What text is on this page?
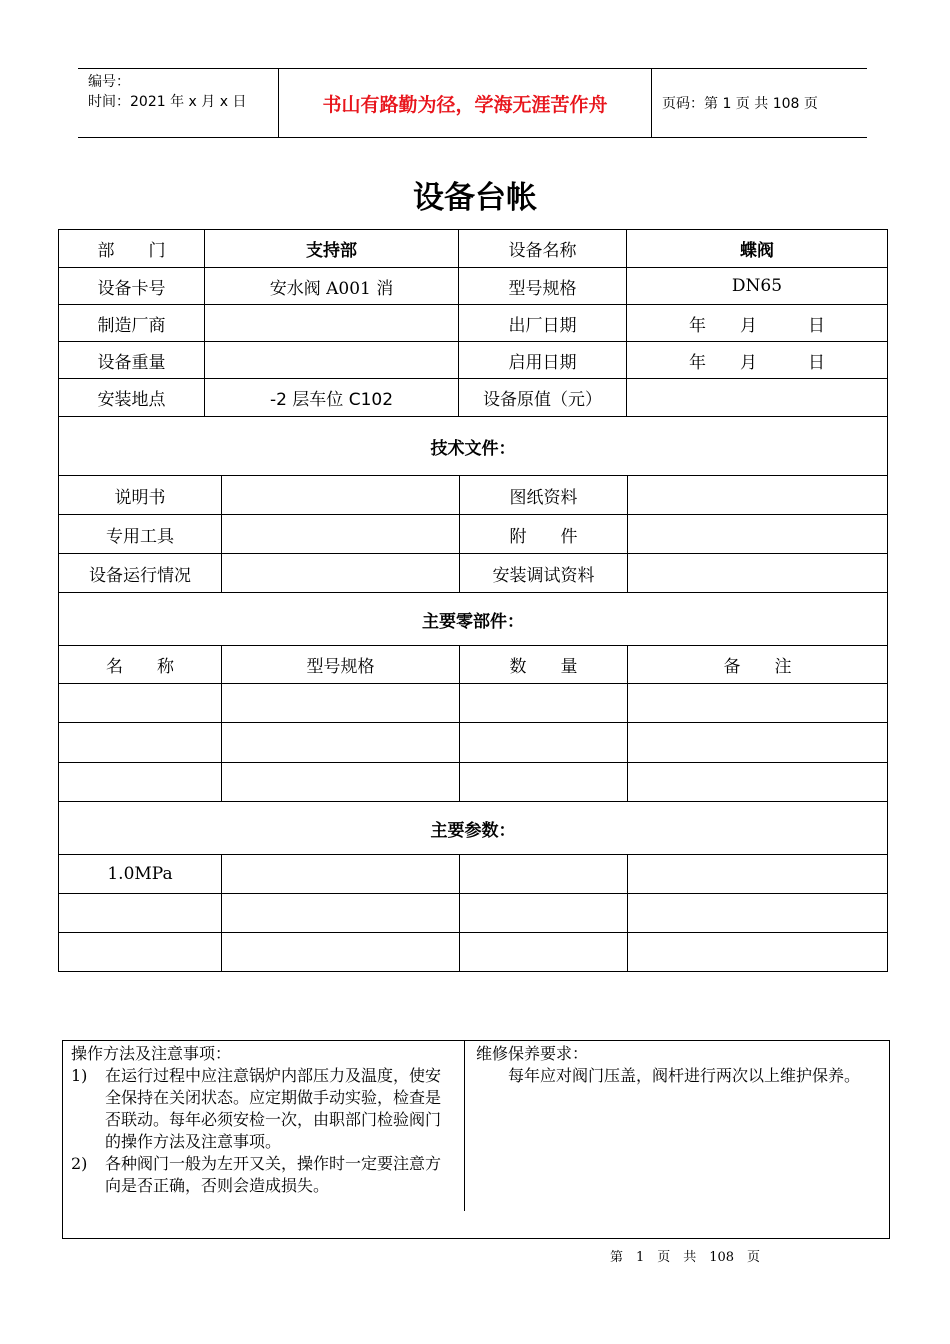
编号：
时间：2021 年 x 月 x 日	书山有路勤为径，学海无涯苦作舟	页码：第 1 页 共 108 页
设备台帐
部　　门	支持部	设备名称	蝶阀
设备卡号	安水阀 A001 消	型号规格	DN65
制造厂商		出厂日期	年　　月　　　日
设备重量		启用日期	年　　月　　　日
安装地点	-2 层车位 C102	设备原值（元）	
技术文件：			
说明书		图纸资料	
专用工具		附　　件	
设备运行情况		安装调试资料	
主要零部件：			
名　　称	型号规格	数　　量	备　　注

主要参数：			
1.0MPa			

操作方法及注意事项：
1)	在运行过程中应注意锅炉内部压力及温度，使安全保持在关闭状态。应定期做手动实验，检查是否联动。每年必须安检一次，由职部门检验阀门的操作方法及注意事项。
2)	各种阀门一般为左开又关，操作时一定要注意方向是否正确，否则会造成损失。
维修保养要求：
　　每年应对阀门压盖，阀杆进行两次以上维护保养。
第　1　页　共　108　页
